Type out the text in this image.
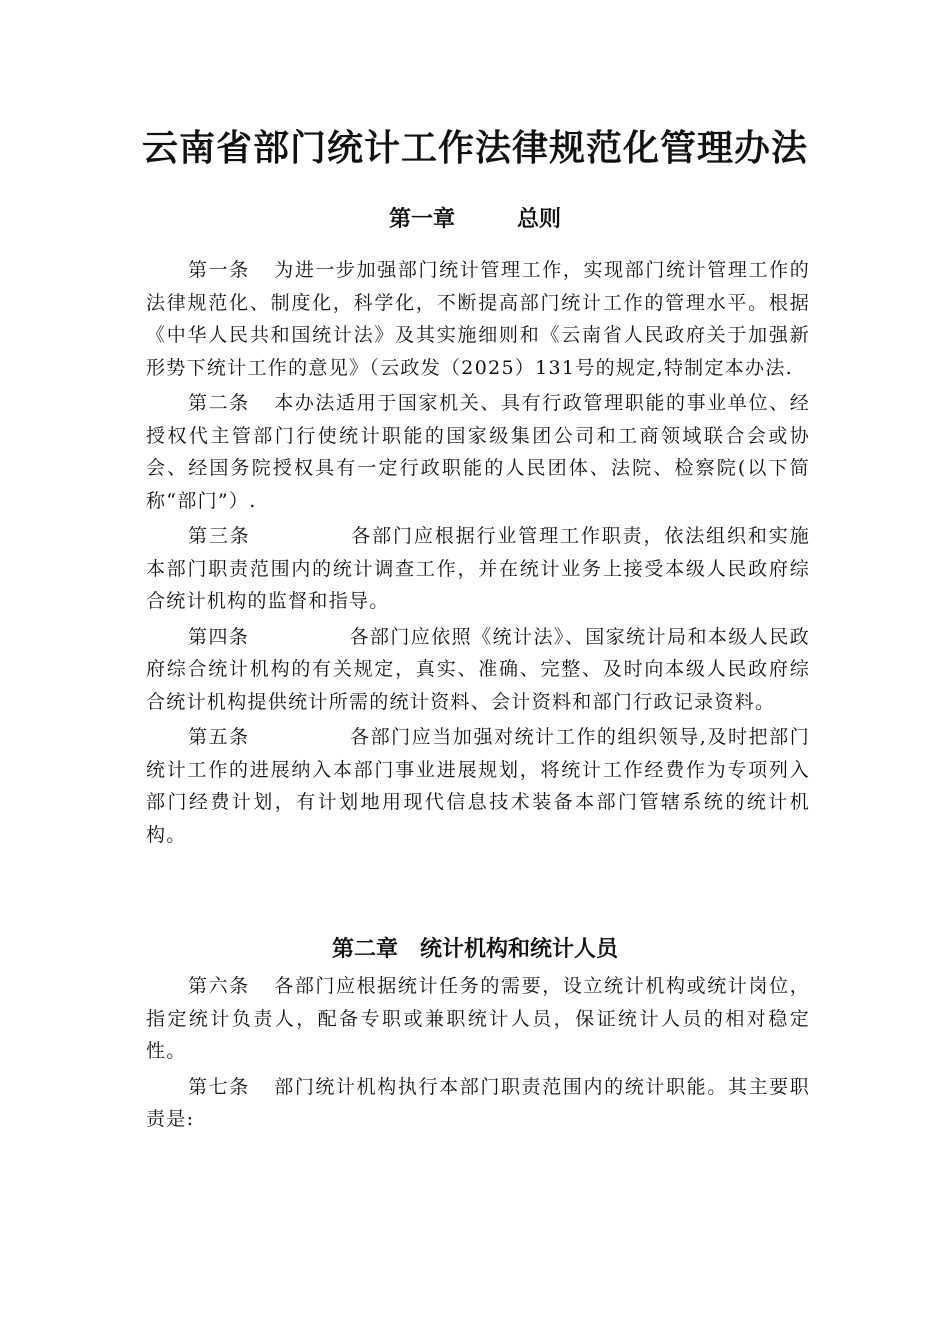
云南省部门统计工作法律规范化管理办法
第一章	总则

第一条 为进一步加强部门统计管理工作，实现部门统计管理工作的法律规范化、制度化，科学化，不断提高部门统计工作的管理水平。根据《中华人民共和国统计法》及其实施细则和《云南省人民政府关于加强新形势下统计工作的意见》（云政发（2025）131号的规定,特制定本办法.

第二条 本办法适用于国家机关、具有行政管理职能的事业单位、经授权代主管部门行使统计职能的国家级集团公司和工商领域联合会或协会、经国务院授权具有一定行政职能的人民团体、法院、检察院(以下简称“部门”）.

第三条	各部门应根据行业管理工作职责，依法组织和实施本部门职责范围内的统计调查工作，并在统计业务上接受本级人民政府综合统计机构的监督和指导。

第四条	各部门应依照《统计法》、国家统计局和本级人民政府综合统计机构的有关规定，真实、准确、完整、及时向本级人民政府综合统计机构提供统计所需的统计资料、会计资料和部门行政记录资料。

第五条	各部门应当加强对统计工作的组织领导,及时把部门统计工作的进展纳入本部门事业进展规划，将统计工作经费作为专项列入部门经费计划，有计划地用现代信息技术装备本部门管辖系统的统计机构。

第二章 统计机构和统计人员

第六条 各部门应根据统计任务的需要，设立统计机构或统计岗位，指定统计负责人，配备专职或兼职统计人员，保证统计人员的相对稳定性。

第七条 部门统计机构执行本部门职责范围内的统计职能。其主要职责是:
